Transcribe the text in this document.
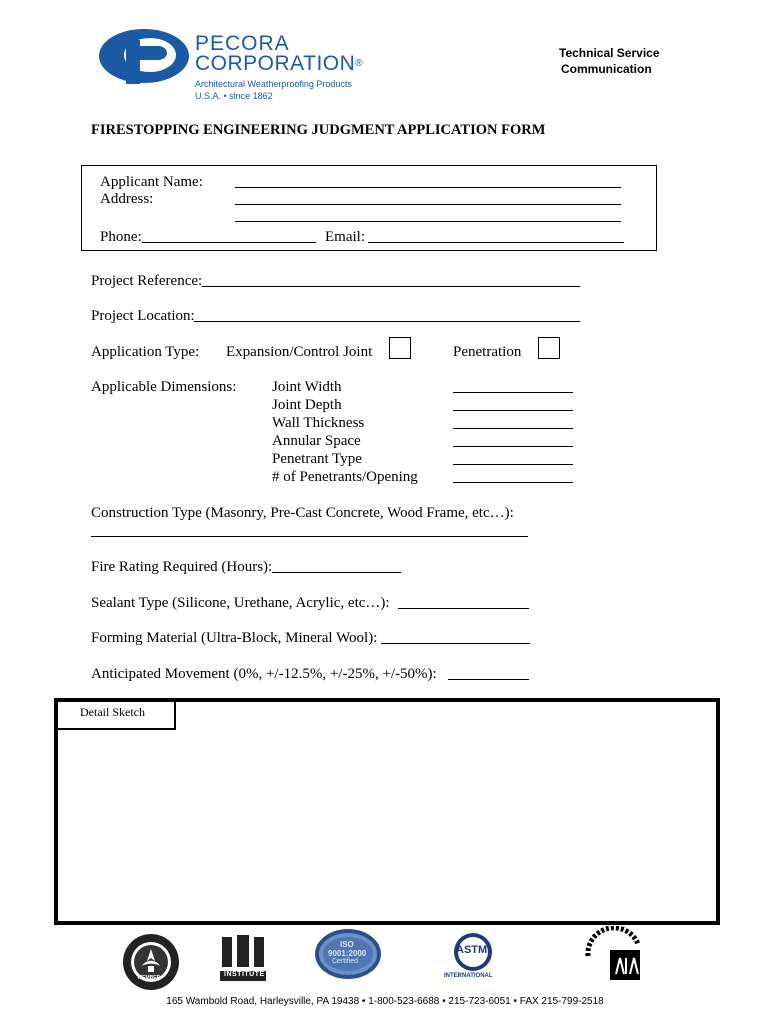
PECORA
CORPORATION®
Architectural Weatherproofing Products
U.S.A. • since 1862
Technical Service
Communication
FIRESTOPPING ENGINEERING JUDGMENT APPLICATION FORM
Applicant Name:
Address:
Phone:	Email:
Project Reference:
Project Location:
Application Type: Expansion/Control Joint	Penetration
Applicable Dimensions: Joint Width
Joint Depth
Wall Thickness
Annular Space
Penetrant Type
# of Penetrants/Opening
Construction Type (Masonry, Pre-Cast Concrete, Wood Frame, etc…):
Fire Rating Required (Hours):
Sealant Type (Silicone, Urethane, Acrylic, etc…):
Forming Material (Ultra-Block, Mineral Wool):
Anticipated Movement (0%, +/-12.5%, +/-25%, +/-50%):
Detail Sketch
MEMBER	INSTITUTE
ISO
9001:2000
Certified
ASTM
INTERNATIONAL
165 Wambold Road, Harleysville, PA 19438 • 1-800-523-6688 • 215-723-6051 • FAX 215-799-2518
